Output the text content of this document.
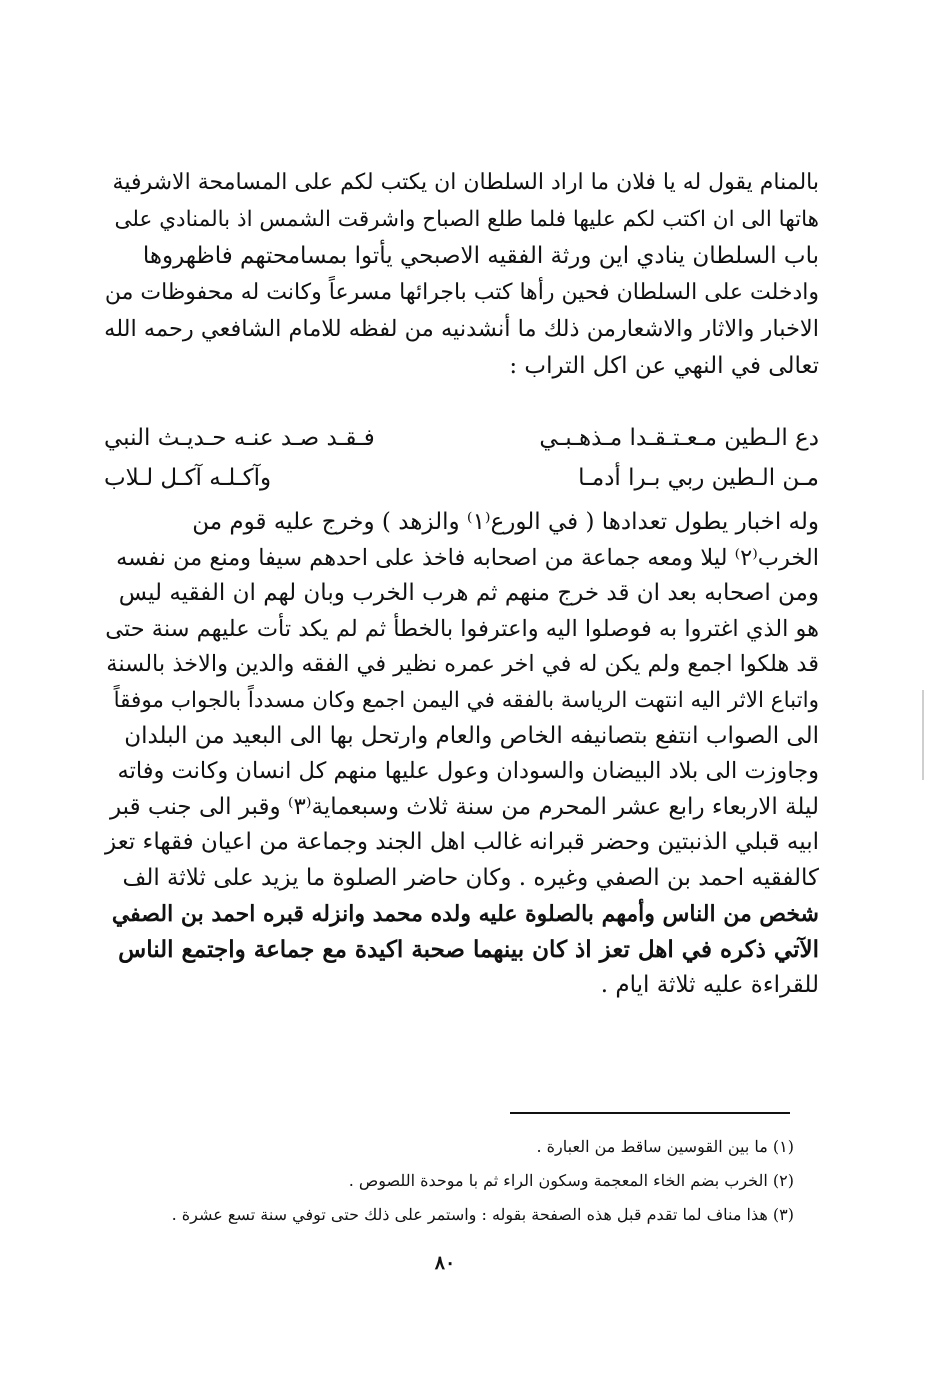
بالمنام يقول له يا فلان ما اراد السلطان ان يكتب لكم على المسامحة الاشرفية
هاتها الى ان اكتب لكم عليها فلما طلع الصباح واشرقت الشمس اذ بالمنادي على
باب السلطان ينادي اين ورثة الفقيه الاصبحي يأتوا بمسامحتهم فاظهروها
وادخلت على السلطان فحين رأها كتب باجرائها مسرعاً وكانت له محفوظات من
الاخبار والاثار والاشعارمن ذلك ما أنشدنيه من لفظه للامام الشافعي رحمه الله
تعالى في النهي عن اكل التراب :
دع الـطين مـعـتـقـدا مـذهـبـي
فـقـد صـد عنـه حـديـث النبي
مـن الـطين ربي بـرا أدمـا
وآكـلـه آكـل لـلاب
وله اخبار يطول تعدادها ( في الورع⁽١⁾ والزهد ) وخرج عليه قوم من
الخرب⁽٢⁾ ليلا ومعه جماعة من اصحابه فاخذ على احدهم سيفا ومنع من نفسه
ومن اصحابه بعد ان قد خرج منهم ثم هرب الخرب وبان لهم ان الفقيه ليس
هو الذي اغتروا به فوصلوا اليه واعترفوا بالخطأ ثم لم يكد تأت عليهم سنة حتى
قد هلكوا اجمع ولم يكن له في اخر عمره نظير في الفقه والدين والاخذ بالسنة
واتباع الاثر اليه انتهت الرياسة بالفقه في اليمن اجمع وكان مسدداً بالجواب موفقاً
الى الصواب انتفع بتصانيفه الخاص والعام وارتحل بها الى البعيد من البلدان
وجاوزت الى بلاد البيضان والسودان وعول عليها منهم كل انسان وكانت وفاته
ليلة الاربعاء رابع عشر المحرم من سنة ثلاث وسبعماية⁽٣⁾ وقبر الى جنب قبر
ابيه قبلي الذنبتين وحضر قبرانه غالب اهل الجند وجماعة من اعيان فقهاء تعز
كالفقيه احمد بن الصفي وغيره . وكان حاضر الصلوة ما يزيد على ثلاثة الف
شخص من الناس وأمهم بالصلوة عليه ولده محمد وانزله قبره احمد بن الصفي
الآتي ذكره في اهل تعز اذ كان بينهما صحبة اكيدة مع جماعة واجتمع الناس
للقراءة عليه ثلاثة ايام .
(١) ما بين القوسين ساقط من العبارة .
(٢) الخرب بضم الخاء المعجمة وسكون الراء ثم با موحدة اللصوص .
(٣) هذا مناف لما تقدم قبل هذه الصفحة بقوله : واستمر على ذلك حتى توفي سنة تسع عشرة .
٨٠
